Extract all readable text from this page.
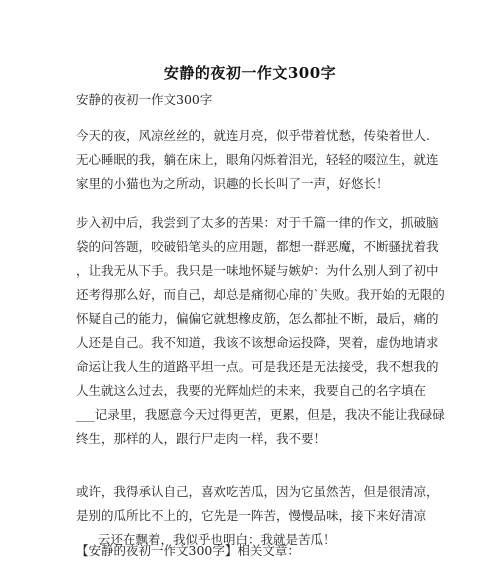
安静的夜初一作文300字
安静的夜初一作文300字
今天的夜，风凉丝丝的，就连月亮，似乎带着忧愁，传染着世人.
无心睡眠的我，躺在床上，眼角闪烁着泪光，轻轻的啜泣生，就连
家里的小猫也为之所动，识趣的长长叫了一声，好悠长！
步入初中后，我尝到了太多的苦果：对于千篇一律的作文，抓破脑
袋的问答题，咬破铅笔头的应用题，都想一群恶魔，不断骚扰着我
，让我无从下手。我只是一味地怀疑与嫉妒：为什么别人到了初中
还考得那么好，而自己，却总是痛彻心扉的`失败。我开始的无限的
怀疑自己的能力，偏偏它就想橡皮筋，怎么都扯不断，最后，痛的
人还是自己。我不知道，我该不该想命运投降，哭着，虚伪地请求
命运让我人生的道路平坦一点。可是我还是无法接受，我不想我的
人生就这么过去，我要的光辉灿烂的未来，我要自己的名字填在
___记录里，我愿意今天过得更苦，更累，但是，我决不能让我碌碌
终生，那样的人，跟行尸走肉一样，我不要！
或许，我得承认自己，喜欢吃苦瓜，因为它虽然苦，但是很清凉，
是别的瓜所比不上的，它先是一阵苦，慢慢品味，接下来好清凉
云还在飘着，我似乎也明白：我就是苦瓜！
【安静的夜初一作文300字】相关文章：
